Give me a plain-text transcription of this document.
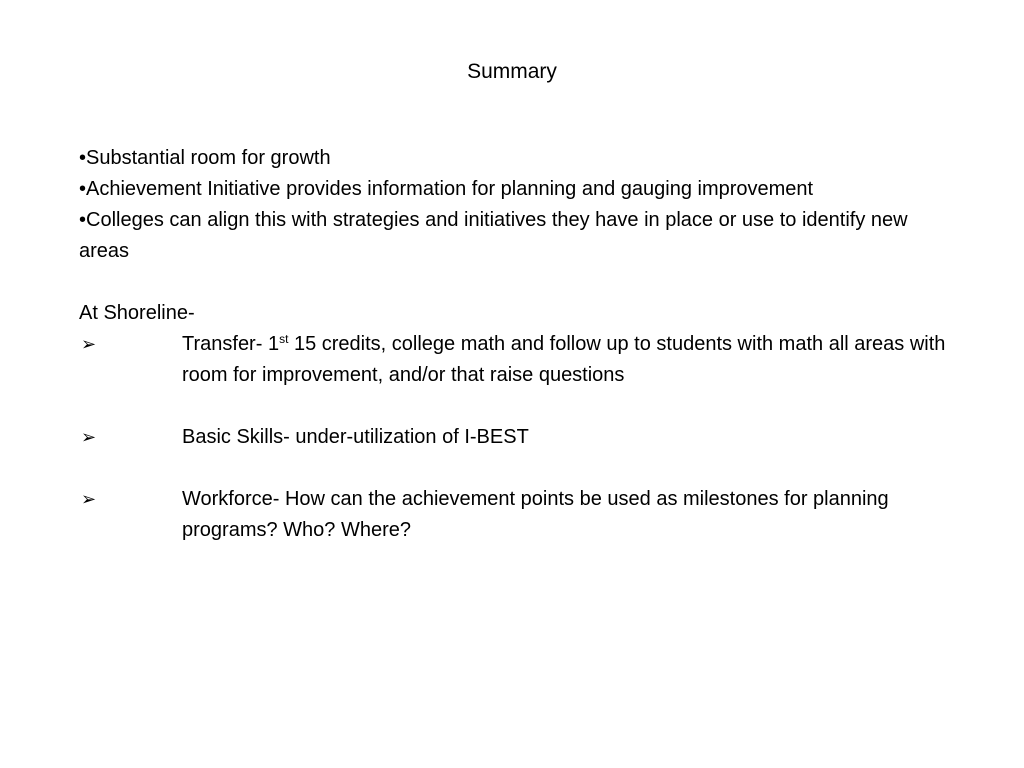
Summary
•Substantial room for growth
•Achievement Initiative provides information for planning and gauging improvement
•Colleges can align this with strategies and initiatives they have in place or use to identify new areas
At Shoreline-
➢	Transfer- 1st 15 credits, college math and follow up to students with math all areas with room for improvement, and/or that raise questions
➢	Basic Skills- under-utilization of I-BEST
➢	Workforce- How can the achievement points be used as milestones for planning programs? Who? Where?
